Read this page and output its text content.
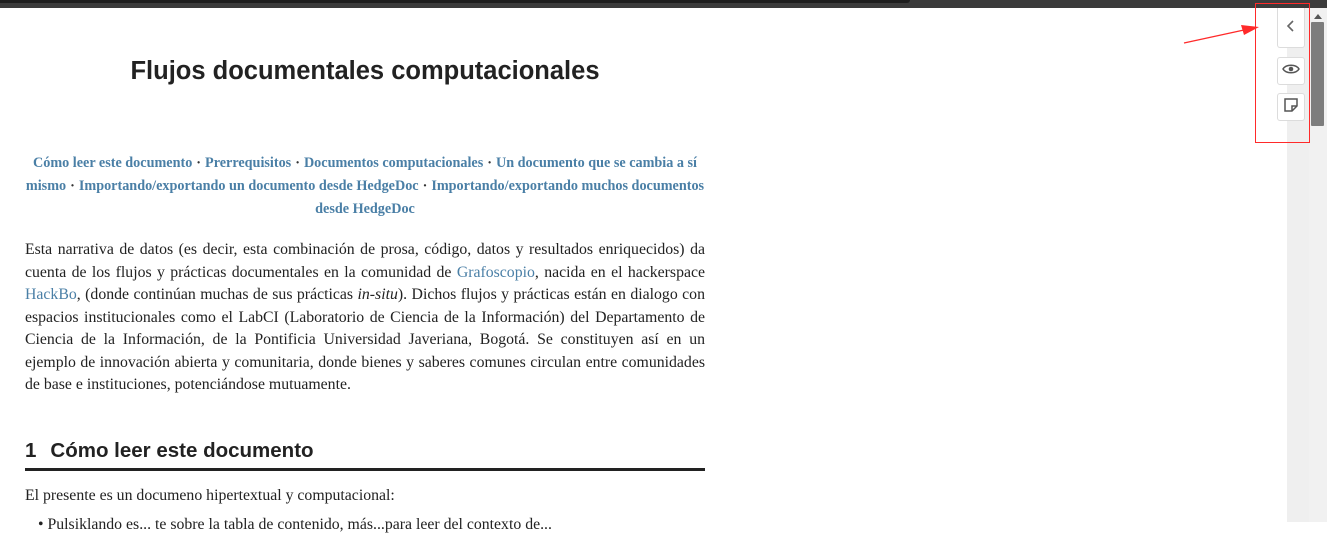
Flujos documentales computacionales
Cómo leer este documento · Prerrequisitos · Documentos computacionales · Un documento que se cambia a sí mismo · Importando/exportando un documento desde HedgeDoc · Importando/exportando muchos documentos desde HedgeDoc

Esta narrativa de datos (es decir, esta combinación de prosa, código, datos y resultados enriquecidos) da cuenta de los flujos y prácticas documentales en la comunidad de Grafoscopio, nacida en el hackerspace HackBo, (donde continúan muchas de sus prácticas in-situ). Dichos flujos y prácticas están en dialogo con espacios institucionales como el LabCI (Laboratorio de Ciencia de la Información) del Departamento de Ciencia de la Información, de la Pontificia Universidad Javeriana, Bogotá. Se constituyen así en un ejemplo de innovación abierta y comunitaria, donde bienes y saberes comunes circulan entre comunidades de base e instituciones, potenciándose mutuamente.

1 Cómo leer este documento

El presente es un documeno hipertextual y computacional:

• Pulsiklando es... te sobre la tabla de contenido, más...para leer del contexto de...
